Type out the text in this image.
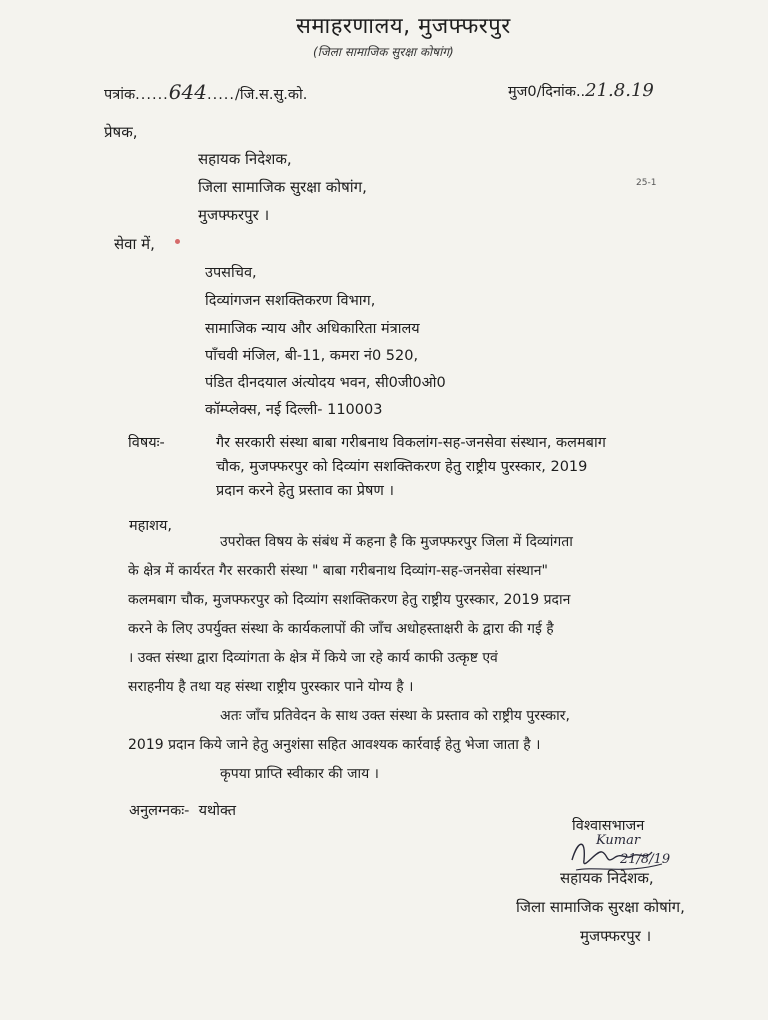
समाहरणालय, मुजफ्फरपुर
(जिला सामाजिक सुरक्षा कोषांग)
पत्रांक......644...../जि.स.सु.को.	मुज0/दिनांक..21.8.19
प्रेषक,
सहायक निदेशक,
जिला सामाजिक सुरक्षा कोषांग,
मुजफ्फरपुर ।
25-1
सेवा में,
उपसचिव,
दिव्यांगजन सशक्तिकरण विभाग,
सामाजिक न्याय और अधिकारिता मंत्रालय
पाँचवी मंजिल, बी-11, कमरा नं0 520,
पंडित दीनदयाल अंत्योदय भवन, सी0जी0ओ0
कॉम्प्लेक्स, नई दिल्ली- 110003
विषयः-	गैर सरकारी संस्था बाबा गरीबनाथ विकलांग-सह-जनसेवा संस्थान, कलमबाग
चौक, मुजफ्फरपुर को दिव्यांग सशक्तिकरण हेतु राष्ट्रीय पुरस्कार, 2019
प्रदान करने हेतु प्रस्ताव का प्रेषण ।
महाशय,
उपरोक्त विषय के संबंध में कहना है कि मुजफ्फरपुर जिला में दिव्यांगता
के क्षेत्र में कार्यरत गैर सरकारी संस्था " बाबा गरीबनाथ दिव्यांग-सह-जनसेवा संस्थान"
कलमबाग चौक, मुजफ्फरपुर को दिव्यांग सशक्तिकरण हेतु राष्ट्रीय पुरस्कार, 2019 प्रदान
करने के लिए उपर्युक्त संस्था के कार्यकलापों की जाँच अधोहस्ताक्षरी के द्वारा की गई है
। उक्त संस्था द्वारा दिव्यांगता के क्षेत्र में किये जा रहे कार्य काफी उत्कृष्ट एवं
सराहनीय है तथा यह संस्था राष्ट्रीय पुरस्कार पाने योग्य है ।
अतः जाँच प्रतिवेदन के साथ उक्त संस्था के प्रस्ताव को राष्ट्रीय पुरस्कार,
2019 प्रदान किये जाने हेतु अनुशंसा सहित आवश्यक कार्रवाई हेतु भेजा जाता है ।
कृपया प्राप्ति स्वीकार की जाय ।
अनुलग्नकः- यथोक्त
विश्वासभाजन
Kumar
21/8/19
सहायक निदेशक,
जिला सामाजिक सुरक्षा कोषांग,
मुजफ्फरपुर ।
